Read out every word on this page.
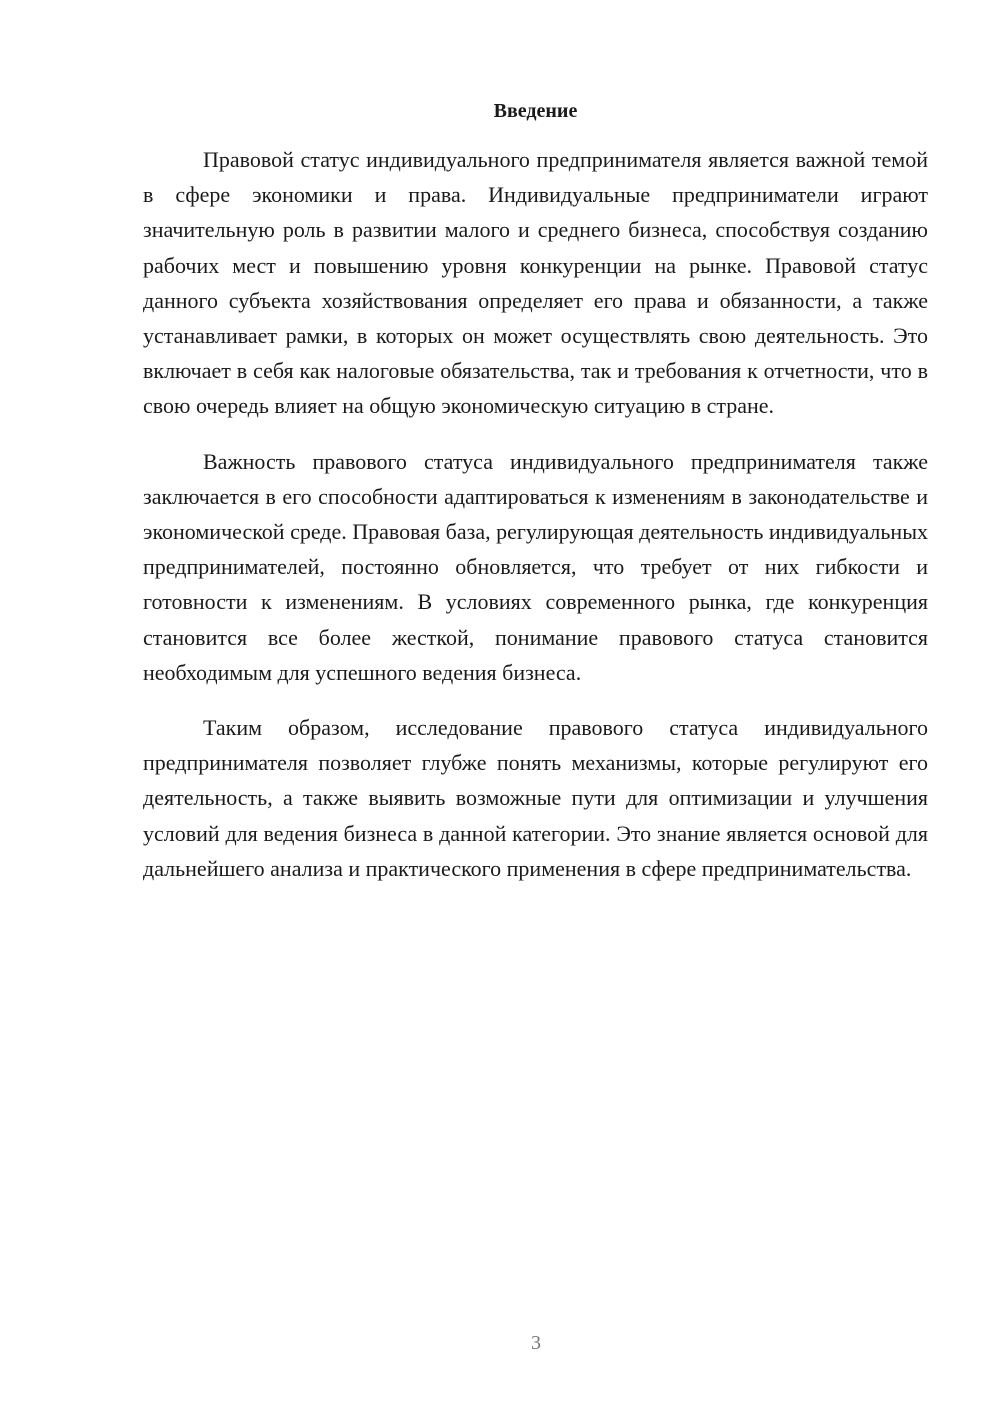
Введение

Правовой статус индивидуального предпринимателя является важной темой в сфере экономики и права. Индивидуальные предприниматели играют значительную роль в развитии малого и среднего бизнеса, способствуя созданию рабочих мест и повышению уровня конкуренции на рынке. Правовой статус данного субъекта хозяйствования определяет его права и обязанности, а также устанавливает рамки, в которых он может осуществлять свою деятельность. Это включает в себя как налоговые обязательства, так и требования к отчетности, что в свою очередь влияет на общую экономическую ситуацию в стране.

Важность правового статуса индивидуального предпринимателя также заключается в его способности адаптироваться к изменениям в законодательстве и экономической среде. Правовая база, регулирующая деятельность индивидуальных предпринимателей, постоянно обновляется, что требует от них гибкости и готовности к изменениям. В условиях современного рынка, где конкуренция становится все более жесткой, понимание правового статуса становится необходимым для успешного ведения бизнеса.

Таким образом, исследование правового статуса индивидуального предпринимателя позволяет глубже понять механизмы, которые регулируют его деятельность, а также выявить возможные пути для оптимизации и улучшения условий для ведения бизнеса в данной категории. Это знание является основой для дальнейшего анализа и практического применения в сфере предпринимательства.

3
